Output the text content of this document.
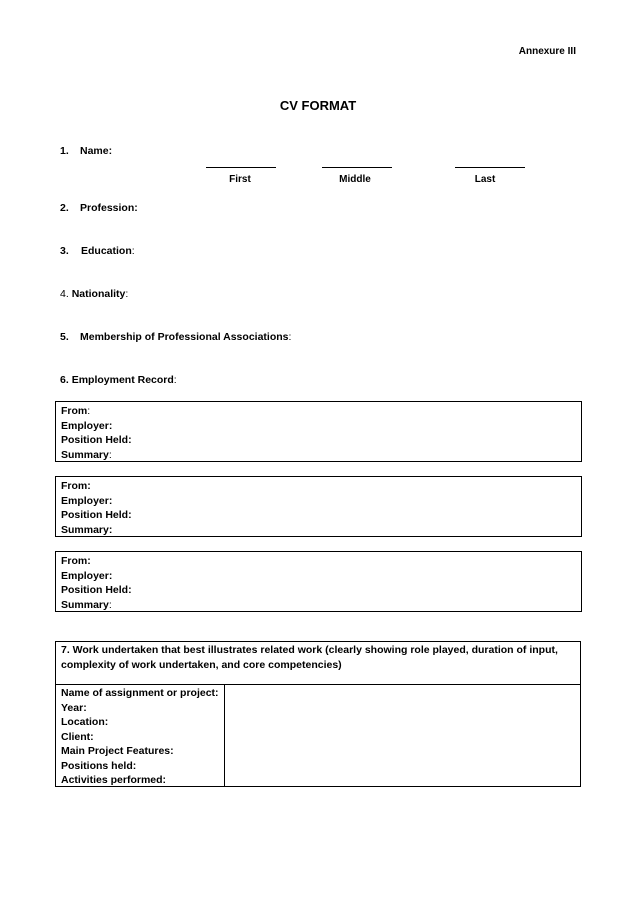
Annexure III
CV FORMAT
1. Name:
First	Middle	Last
2. Profession:
3. Education:
4. Nationality:
5. Membership of Professional Associations:
6. Employment Record:
From:
Employer:
Position Held:
Summary:
From:
Employer:
Position Held:
Summary:
From:
Employer:
Position Held:
Summary:
7. Work undertaken that best illustrates related work (clearly showing role played, duration of input, complexity of work undertaken, and core competencies)
Name of assignment or project:
Year:
Location:
Client:
Main Project Features:
Positions held:
Activities performed:
